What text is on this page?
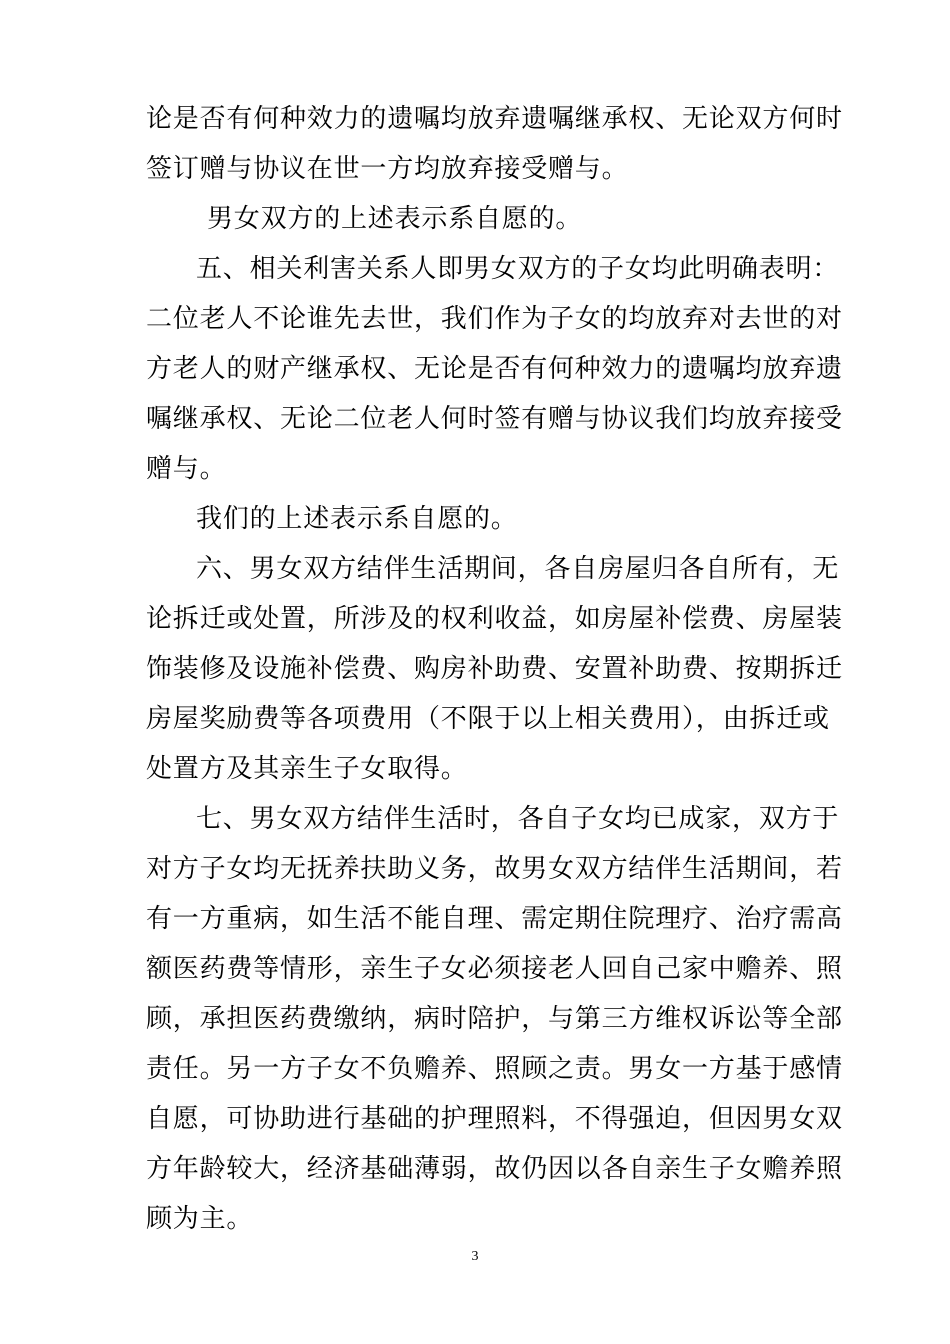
论是否有何种效力的遗嘱均放弃遗嘱继承权、无论双方何时
签订赠与协议在世一方均放弃接受赠与。
男女双方的上述表示系自愿的。
五、相关利害关系人即男女双方的子女均此明确表明：
二位老人不论谁先去世，我们作为子女的均放弃对去世的对
方老人的财产继承权、无论是否有何种效力的遗嘱均放弃遗
嘱继承权、无论二位老人何时签有赠与协议我们均放弃接受
赠与。
我们的上述表示系自愿的。
六、男女双方结伴生活期间，各自房屋归各自所有，无
论拆迁或处置，所涉及的权利收益，如房屋补偿费、房屋装
饰装修及设施补偿费、购房补助费、安置补助费、按期拆迁
房屋奖励费等各项费用（不限于以上相关费用），由拆迁或
处置方及其亲生子女取得。
七、男女双方结伴生活时，各自子女均已成家，双方于
对方子女均无抚养扶助义务，故男女双方结伴生活期间，若
有一方重病，如生活不能自理、需定期住院理疗、治疗需高
额医药费等情形，亲生子女必须接老人回自己家中赡养、照
顾，承担医药费缴纳，病时陪护，与第三方维权诉讼等全部
责任。另一方子女不负赡养、照顾之责。男女一方基于感情
自愿，可协助进行基础的护理照料，不得强迫，但因男女双
方年龄较大，经济基础薄弱，故仍因以各自亲生子女赡养照
顾为主。
3
